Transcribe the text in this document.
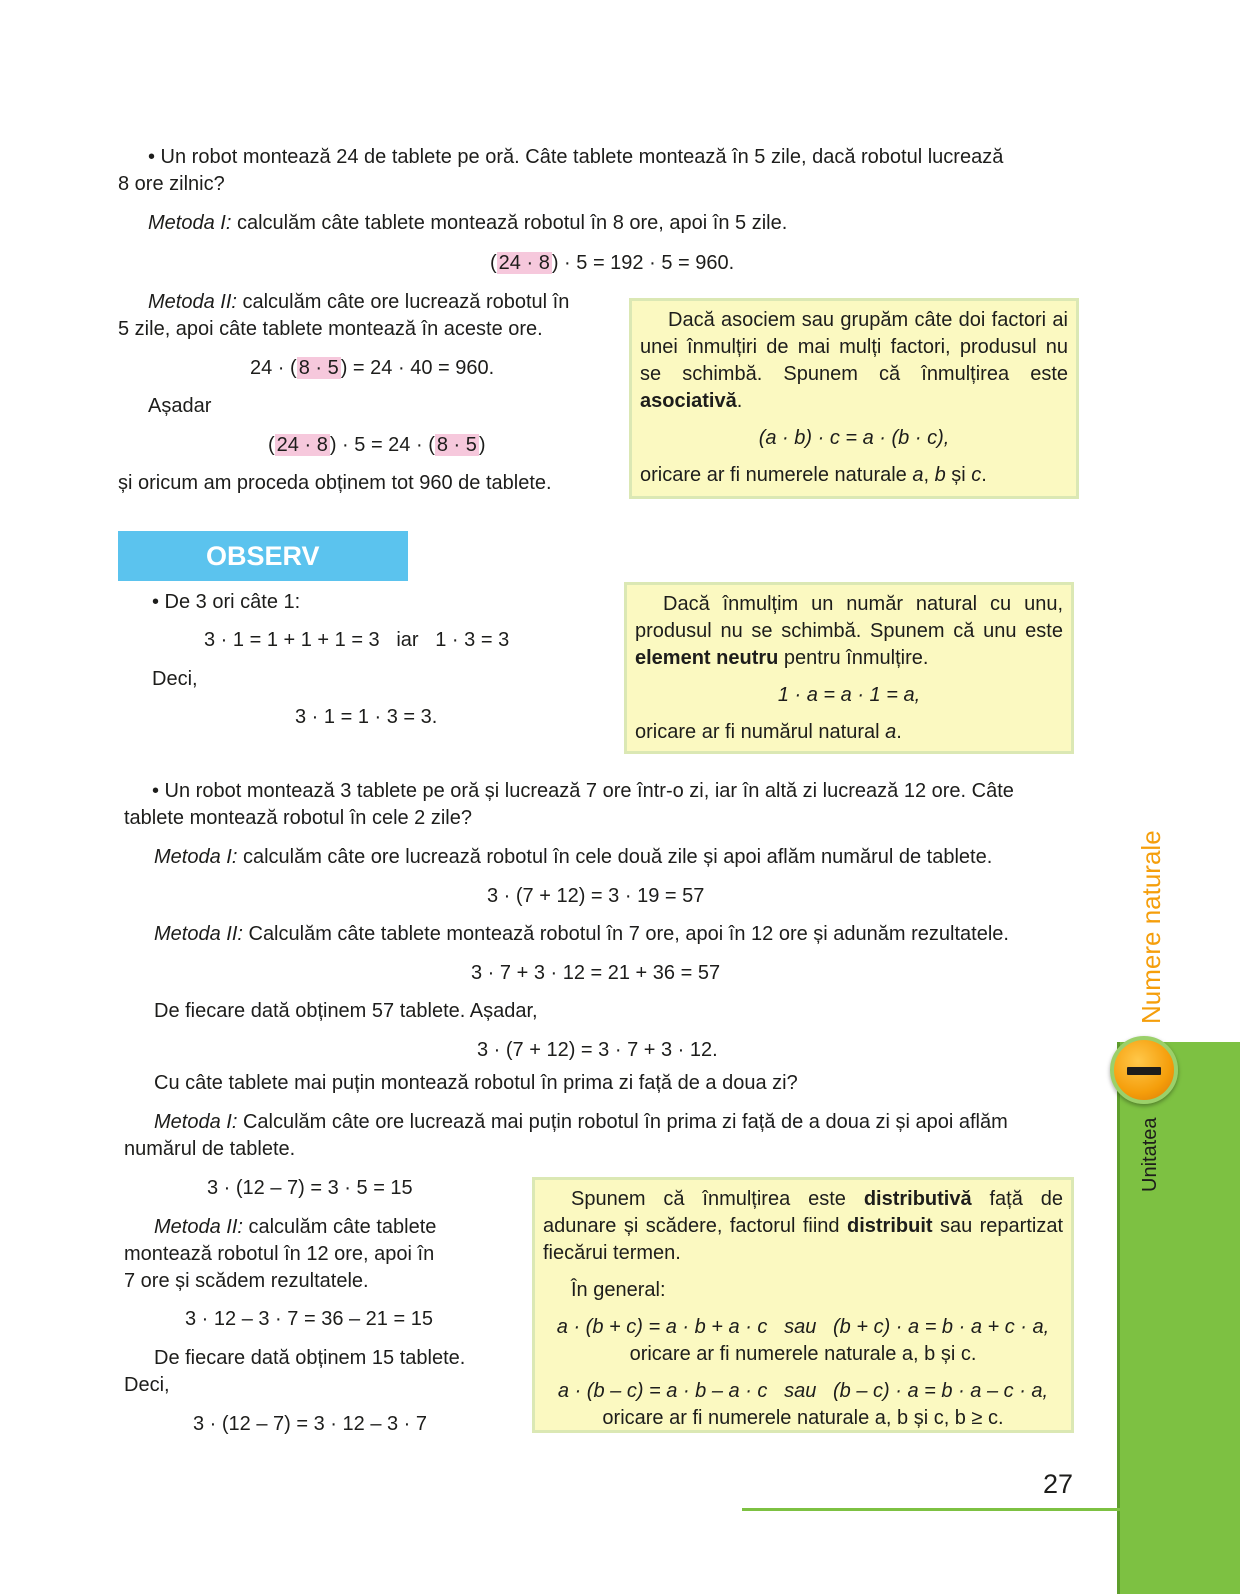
• Un robot montează 24 de tablete pe oră. Câte tablete montează în 5 zile, dacă robotul lucrează

8 ore zilnic?

Metoda I: calculăm câte tablete montează robotul în 8 ore, apoi în 5 zile.

( 24 · 8 ) · 5 = 192 · 5 = 960.

Metoda II: calculăm câte ore lucrează robotul în

5 zile, apoi câte tablete montează în aceste ore.

24 · ( 8 · 5 ) = 24 · 40 = 960.

Așadar

( 24 · 8 ) · 5 = 24 · ( 8 · 5 )

și oricum am proceda obținem tot 960 de tablete.

Dacă asociem sau grupăm câte doi factori ai unei înmulțiri de mai mulți factori, produsul nu se schimbă. Spunem că înmulțirea este asociativă.

(a · b) · c = a · (b · c),

oricare ar fi numerele naturale a, b și c.

OBSERV

• De 3 ori câte 1:

3 · 1 = 1 + 1 + 1 = 3   iar   1 · 3 = 3

Deci,

3 · 1 = 1 · 3 = 3.

Dacă înmulțim un număr natural cu unu, produsul nu se schimbă. Spunem că unu este element neutru pentru înmulțire.

1 · a = a · 1 = a,

oricare ar fi numărul natural a.

• Un robot montează 3 tablete pe oră și lucrează 7 ore într-o zi, iar în altă zi lucrează 12 ore. Câte

tablete montează robotul în cele 2 zile?

Metoda I: calculăm câte ore lucrează robotul în cele două zile și apoi aflăm numărul de tablete.

3 · (7 + 12) = 3 · 19 = 57

Metoda II: Calculăm câte tablete montează robotul în 7 ore, apoi în 12 ore și adunăm rezultatele.

3 · 7 + 3 · 12 = 21 + 36 = 57

De fiecare dată obținem 57 tablete. Așadar,

3 · (7 + 12) = 3 · 7 + 3 · 12.

Cu câte tablete mai puțin montează robotul în prima zi față de a doua zi?

Metoda I: Calculăm câte ore lucrează mai puțin robotul în prima zi față de a doua zi și apoi aflăm

numărul de tablete.

3 · (12 – 7) = 3 · 5 = 15

Metoda II: calculăm câte tablete

montează robotul în 12 ore, apoi în

7 ore și scădem rezultatele.

3 · 12 – 3 · 7 = 36 – 21 = 15

De fiecare dată obținem 15 tablete.

Deci,

3 · (12 – 7) = 3 · 12 – 3 · 7

Spunem că înmulțirea este distributivă față de adunare și scădere, factorul fiind distribuit sau repartizat fiecărui termen.

În general:

a · (b + c) = a · b + a · c   sau   (b + c) · a = b · a + c · a,

oricare ar fi numerele naturale a, b și c.

a · (b – c) = a · b – a · c   sau   (b – c) · a = b · a – c · a,

oricare ar fi numerele naturale a, b și c, b ≥ c.

Numere naturale
Unitatea

27
